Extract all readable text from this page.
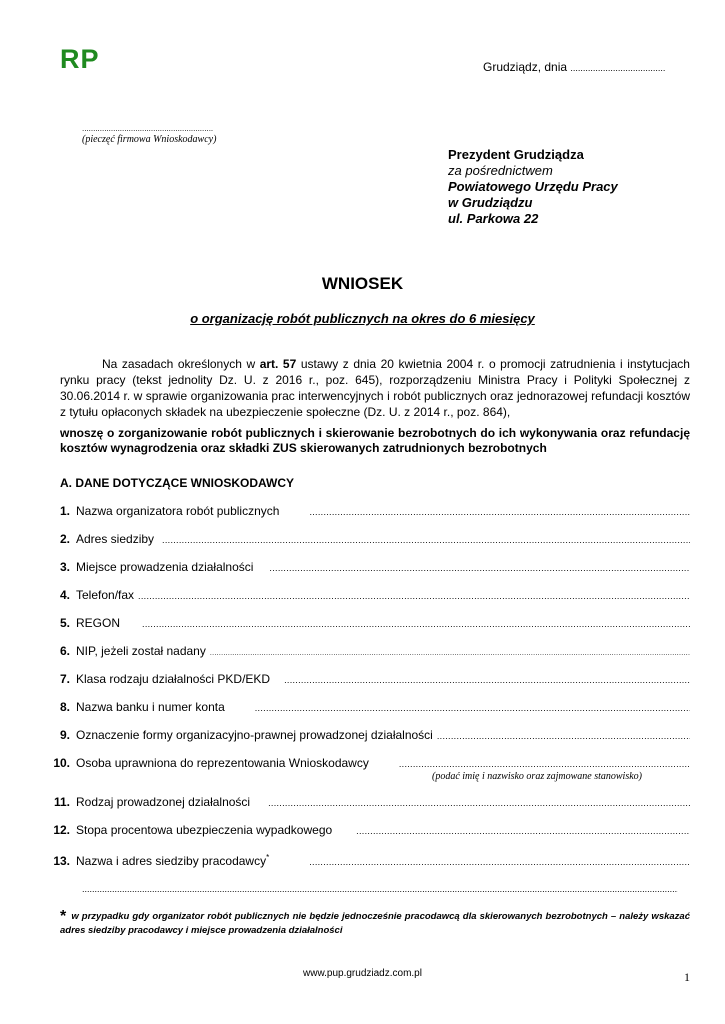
RP	Grudziądz, dnia ......................................
...........................................................
(pieczęć firmowa Wnioskodawcy)
Prezydent Grudziądza
za pośrednictwem
Powiatowego Urzędu Pracy
w Grudziądzu
ul. Parkowa 22
WNIOSEK
o organizację robót publicznych na okres do 6 miesięcy
Na zasadach określonych w art. 57 ustawy z dnia 20 kwietnia 2004 r. o promocji zatrudnienia i instytucjach rynku pracy (tekst jednolity Dz. U. z 2016 r., poz. 645), rozporządzeniu Ministra Pracy i Polityki Społecznej z 30.06.2014 r. w sprawie organizowania prac interwencyjnych i robót publicznych oraz jednorazowej refundacji kosztów z tytułu opłaconych składek na ubezpieczenie społeczne (Dz. U. z 2014 r., poz. 864),
wnoszę o zorganizowanie robót publicznych i skierowanie bezrobotnych do ich wykonywania oraz refundację kosztów wynagrodzenia oraz składki ZUS skierowanych zatrudnionych bezrobotnych
A. DANE DOTYCZĄCE WNIOSKODAWCY
1. Nazwa organizatora robót publicznych
.....
2. Adres siedziby
.....
3. Miejsce prowadzenia działalności
.....
4. Telefon/fax
.....
5. REGON
.....
6. NIP, jeżeli został nadany
.....
7. Klasa rodzaju działalności PKD/EKD
.....
8. Nazwa banku i numer konta
.....
9. Oznaczenie formy organizacyjno-prawnej prowadzonej działalności
.....
10. Osoba uprawniona do reprezentowania Wnioskodawcy
.....
(podać imię i nazwisko oraz zajmowane stanowisko)
11. Rodzaj prowadzonej działalności
.....
12. Stopa procentowa ubezpieczenia wypadkowego
.....
13. Nazwa i adres siedziby pracodawcy*
.....
.....
* w przypadku gdy organizator robót publicznych nie będzie jednocześnie pracodawcą dla skierowanych bezrobotnych – należy wskazać adres siedziby pracodawcy i miejsce prowadzenia działalności
www.pup.grudziadz.com.pl	1
